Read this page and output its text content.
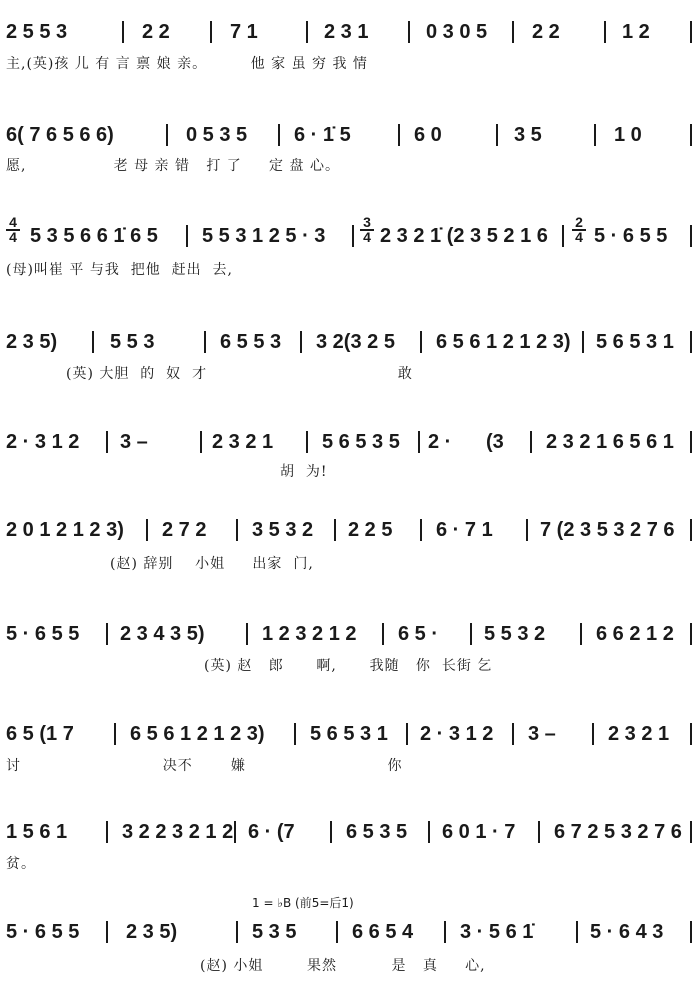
2 5 5 3	2 2	7 1	2 3 1	0 3 0 5 2 2	1 2
主,(英)孩 儿 有 言 禀 娘 亲。        他 家 虽 穷 我 情
6( 7 6 5 6 6)	0 5 3 5 6 · 1̇ 5	6 0	3 5	1 0
愿,                老 母 亲 错   打 了     定 盘 心。
4
4 5 3 5 6 6 1̇ 6 5 5 5 3 1 2 5 · 3
3
4 2 3 2 1̇ (2 3 5 2 1 6
2
4 5 · 6 5 5
(母)叫崔 平 与我  把他  赶出  去,
2 3 5)	5 5 3	6 5 5 3 3 2(3 2 5 6 5 6 1 2 1 2 3) 5 6 5 3 1
(英) 大胆  的  奴  才                                   敢
2 · 3 1 2 3 –	2 3 2 1 5 6 5 3 5 2 · (3 2 3 2 1 6 5 6 1
胡  为!
2 0 1 2 1 2 3) 2 7 2 3 5 3 2 2 2 5 6 · 7 1 7 (2 3 5 3 2 7 6
(赵) 辞别    小姐     出家  门,
5 · 6 5 5 2 3 4 3 5)	1 2 3 2 1 2 6 5 · 5 5 3 2	6 6 2 1 2
(英) 赵   郎      啊,      我随   你  长街 乞
6 5 (1 7	6 5 6 1 2 1 2 3) 5 6 5 3 1 2 · 3 1 2 3 –	2 3 2 1
讨                          决不       嫌                          你
1 5 6 1	3 2 2 3 2 1 2 6 · (7	6 5 3 5 6 0 1 · 7 6 7 2 5 3 2 7 6
贫。
1 = ♭B (前5=后1̇)
5 · 6 5 5 2 3 5)	5 3 5	6 6 5 4 3 · 5 6 1̇	5 · 6 4 3
(赵) 小姐        果然          是   真     心,
